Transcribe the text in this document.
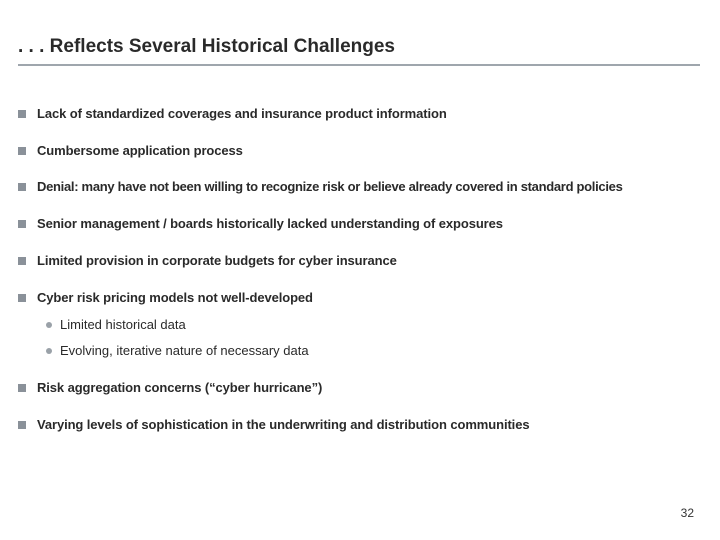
. . . Reflects Several Historical Challenges
Lack of standardized coverages and insurance product information
Cumbersome application process
Denial: many have not been willing to recognize risk or believe already covered in standard policies
Senior management / boards historically lacked understanding of exposures
Limited provision in corporate budgets for cyber insurance
Cyber risk pricing models not well-developed
Limited historical data
Evolving, iterative nature of necessary data
Risk aggregation concerns (“cyber hurricane”)
Varying levels of sophistication in the underwriting and distribution communities
32
